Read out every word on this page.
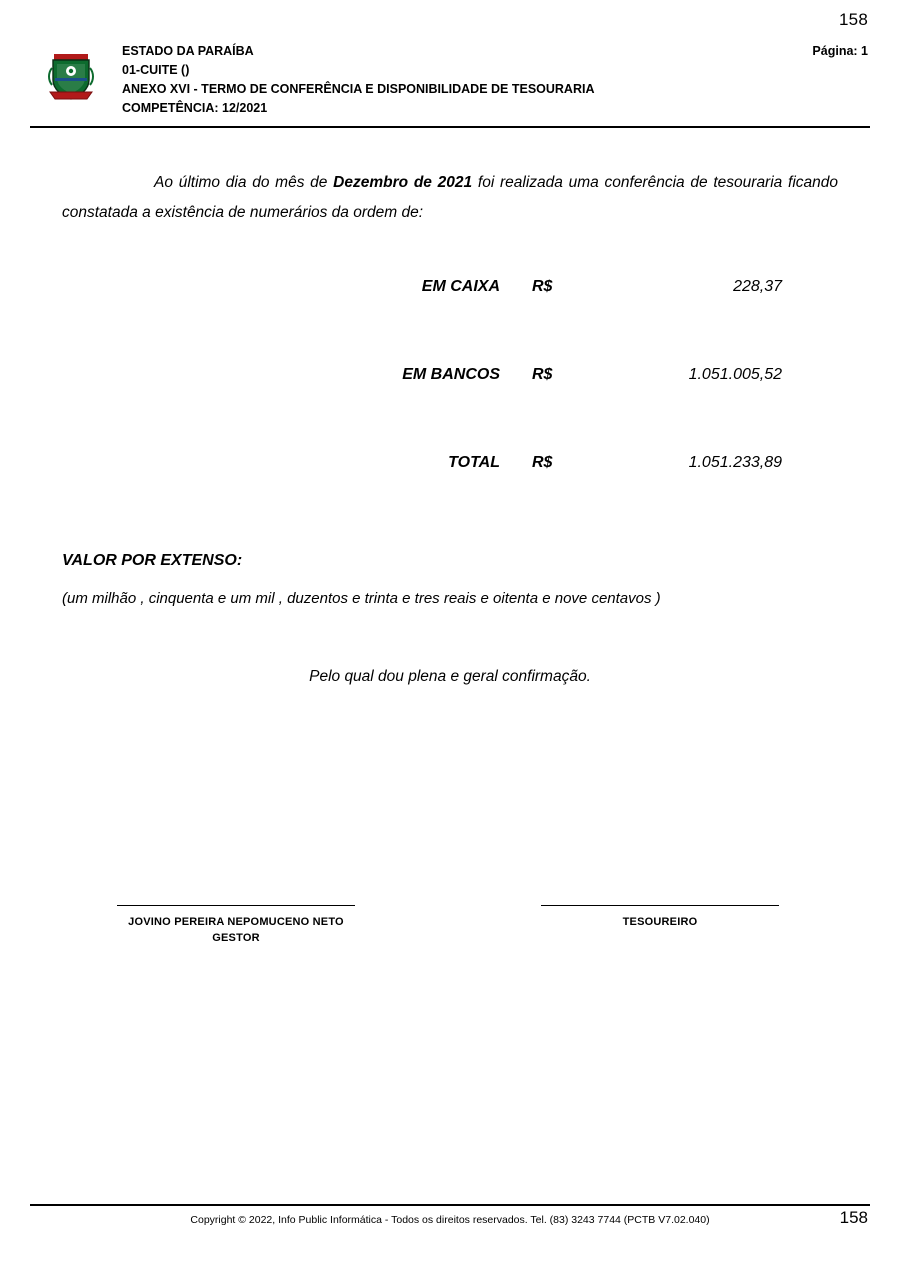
158
Página: 1
ESTADO DA PARAÍBA
01-CUITE ()
ANEXO XVI - TERMO DE CONFERÊNCIA E DISPONIBILIDADE DE TESOURARIA
COMPETÊNCIA: 12/2021
Ao último dia do mês de Dezembro de 2021 foi realizada uma conferência de tesouraria ficando constatada a existência de numerários da ordem de:
EM CAIXA R$	228,37
EM BANCOS R$	1.051.005,52
TOTAL R$	1.051.233,89
VALOR POR EXTENSO:
(um milhão , cinquenta e um mil , duzentos e trinta e tres reais e oitenta e nove centavos )
Pelo qual dou plena e geral confirmação.
JOVINO PEREIRA NEPOMUCENO NETO
GESTOR
TESOUREIRO
Copyright © 2022, Info Public Informática - Todos os direitos reservados. Tel. (83) 3243 7744 (PCTB V7.02.040)	158
